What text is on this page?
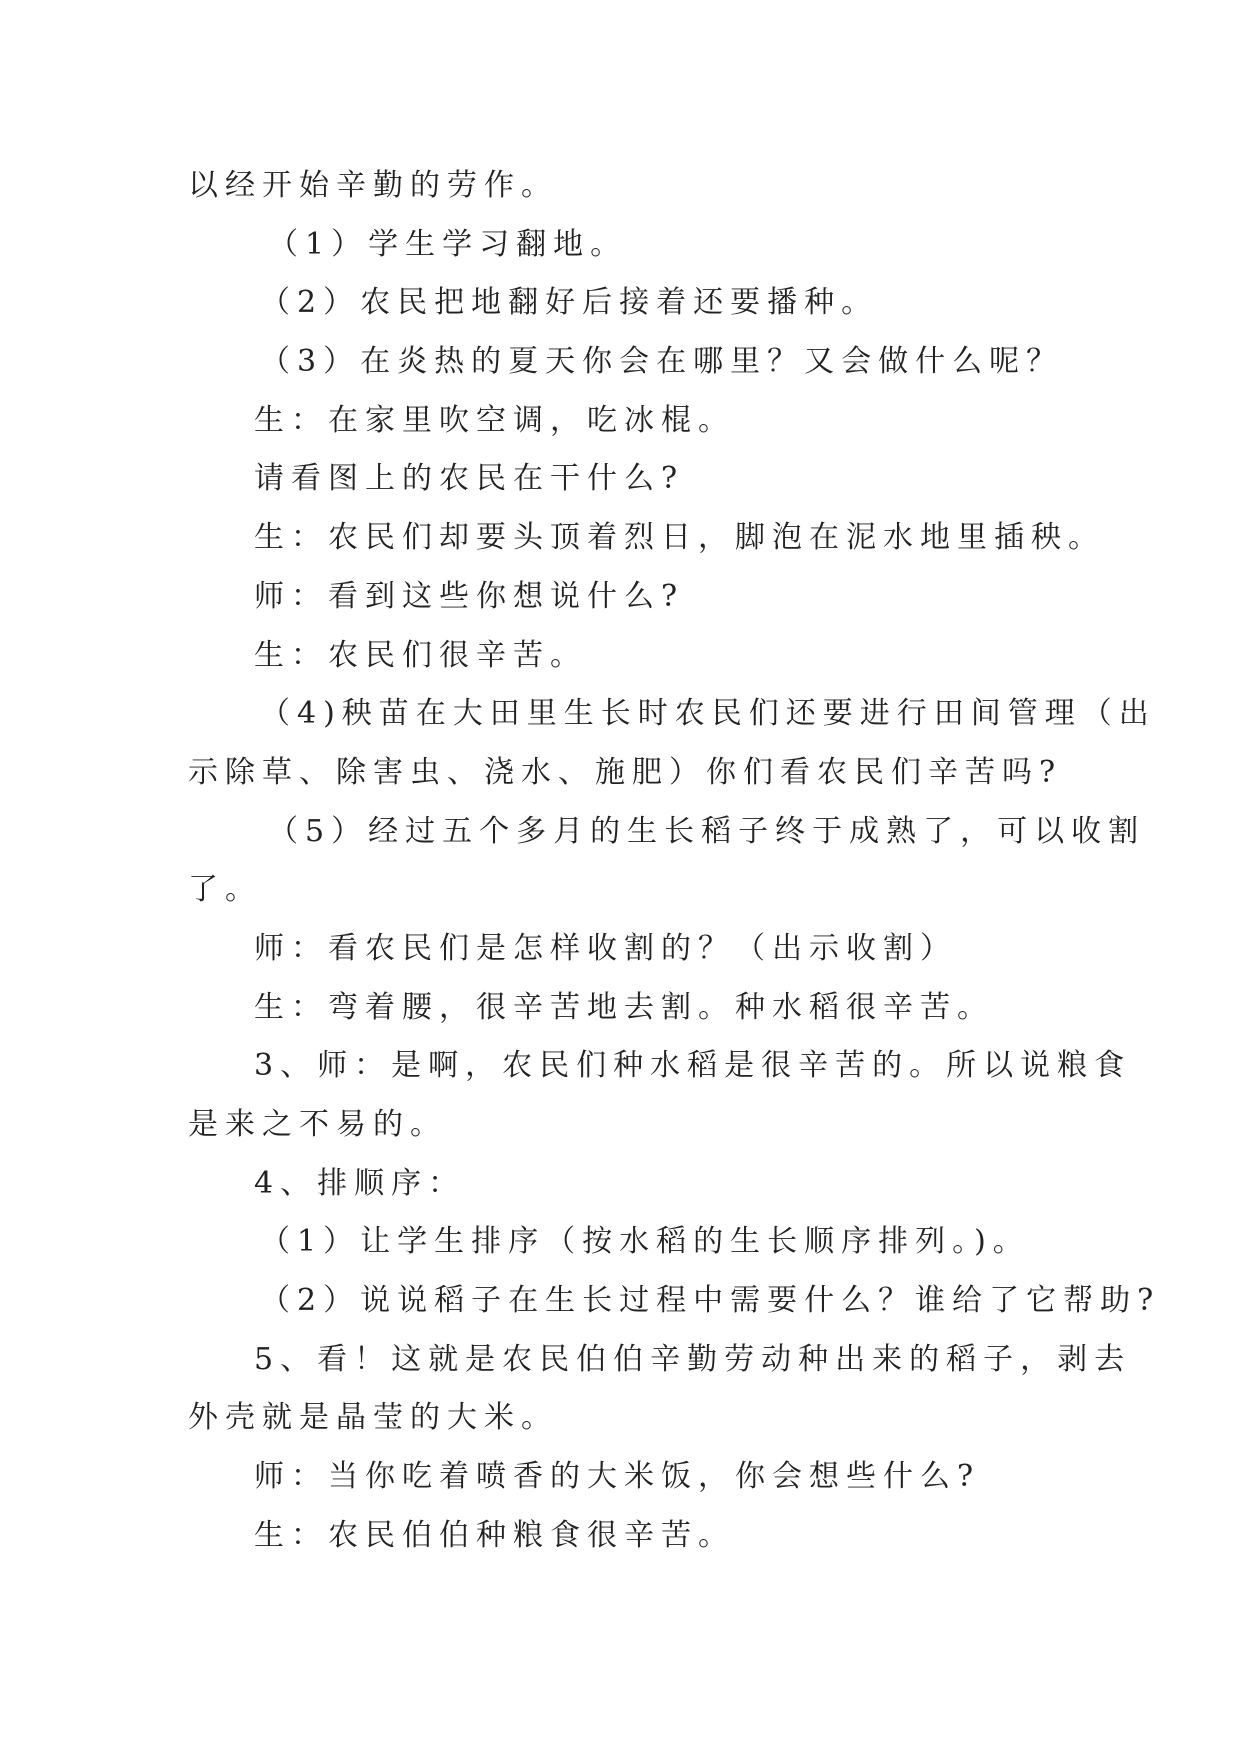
以经开始辛勤的劳作。
（1）学生学习翻地。
（2）农民把地翻好后接着还要播种。
（3）在炎热的夏天你会在哪里？又会做什么呢？
生：在家里吹空调，吃冰棍。
请看图上的农民在干什么?
生：农民们却要头顶着烈日，脚泡在泥水地里插秧。
师：看到这些你想说什么?
生：农民们很辛苦。
（4)秧苗在大田里生长时农民们还要进行田间管理（出
示除草、除害虫、浇水、施肥）你们看农民们辛苦吗?
（5）经过五个多月的生长稻子终于成熟了，可以收割
了。
师：看农民们是怎样收割的？（出示收割）
生：弯着腰，很辛苦地去割。种水稻很辛苦。
3、师：是啊，农民们种水稻是很辛苦的。所以说粮食
是来之不易的。
4、排顺序：
（1）让学生排序（按水稻的生长顺序排列。)。
（2）说说稻子在生长过程中需要什么？谁给了它帮助?
5、看！这就是农民伯伯辛勤劳动种出来的稻子，剥去
外壳就是晶莹的大米。
师：当你吃着喷香的大米饭，你会想些什么?
生：农民伯伯种粮食很辛苦。
